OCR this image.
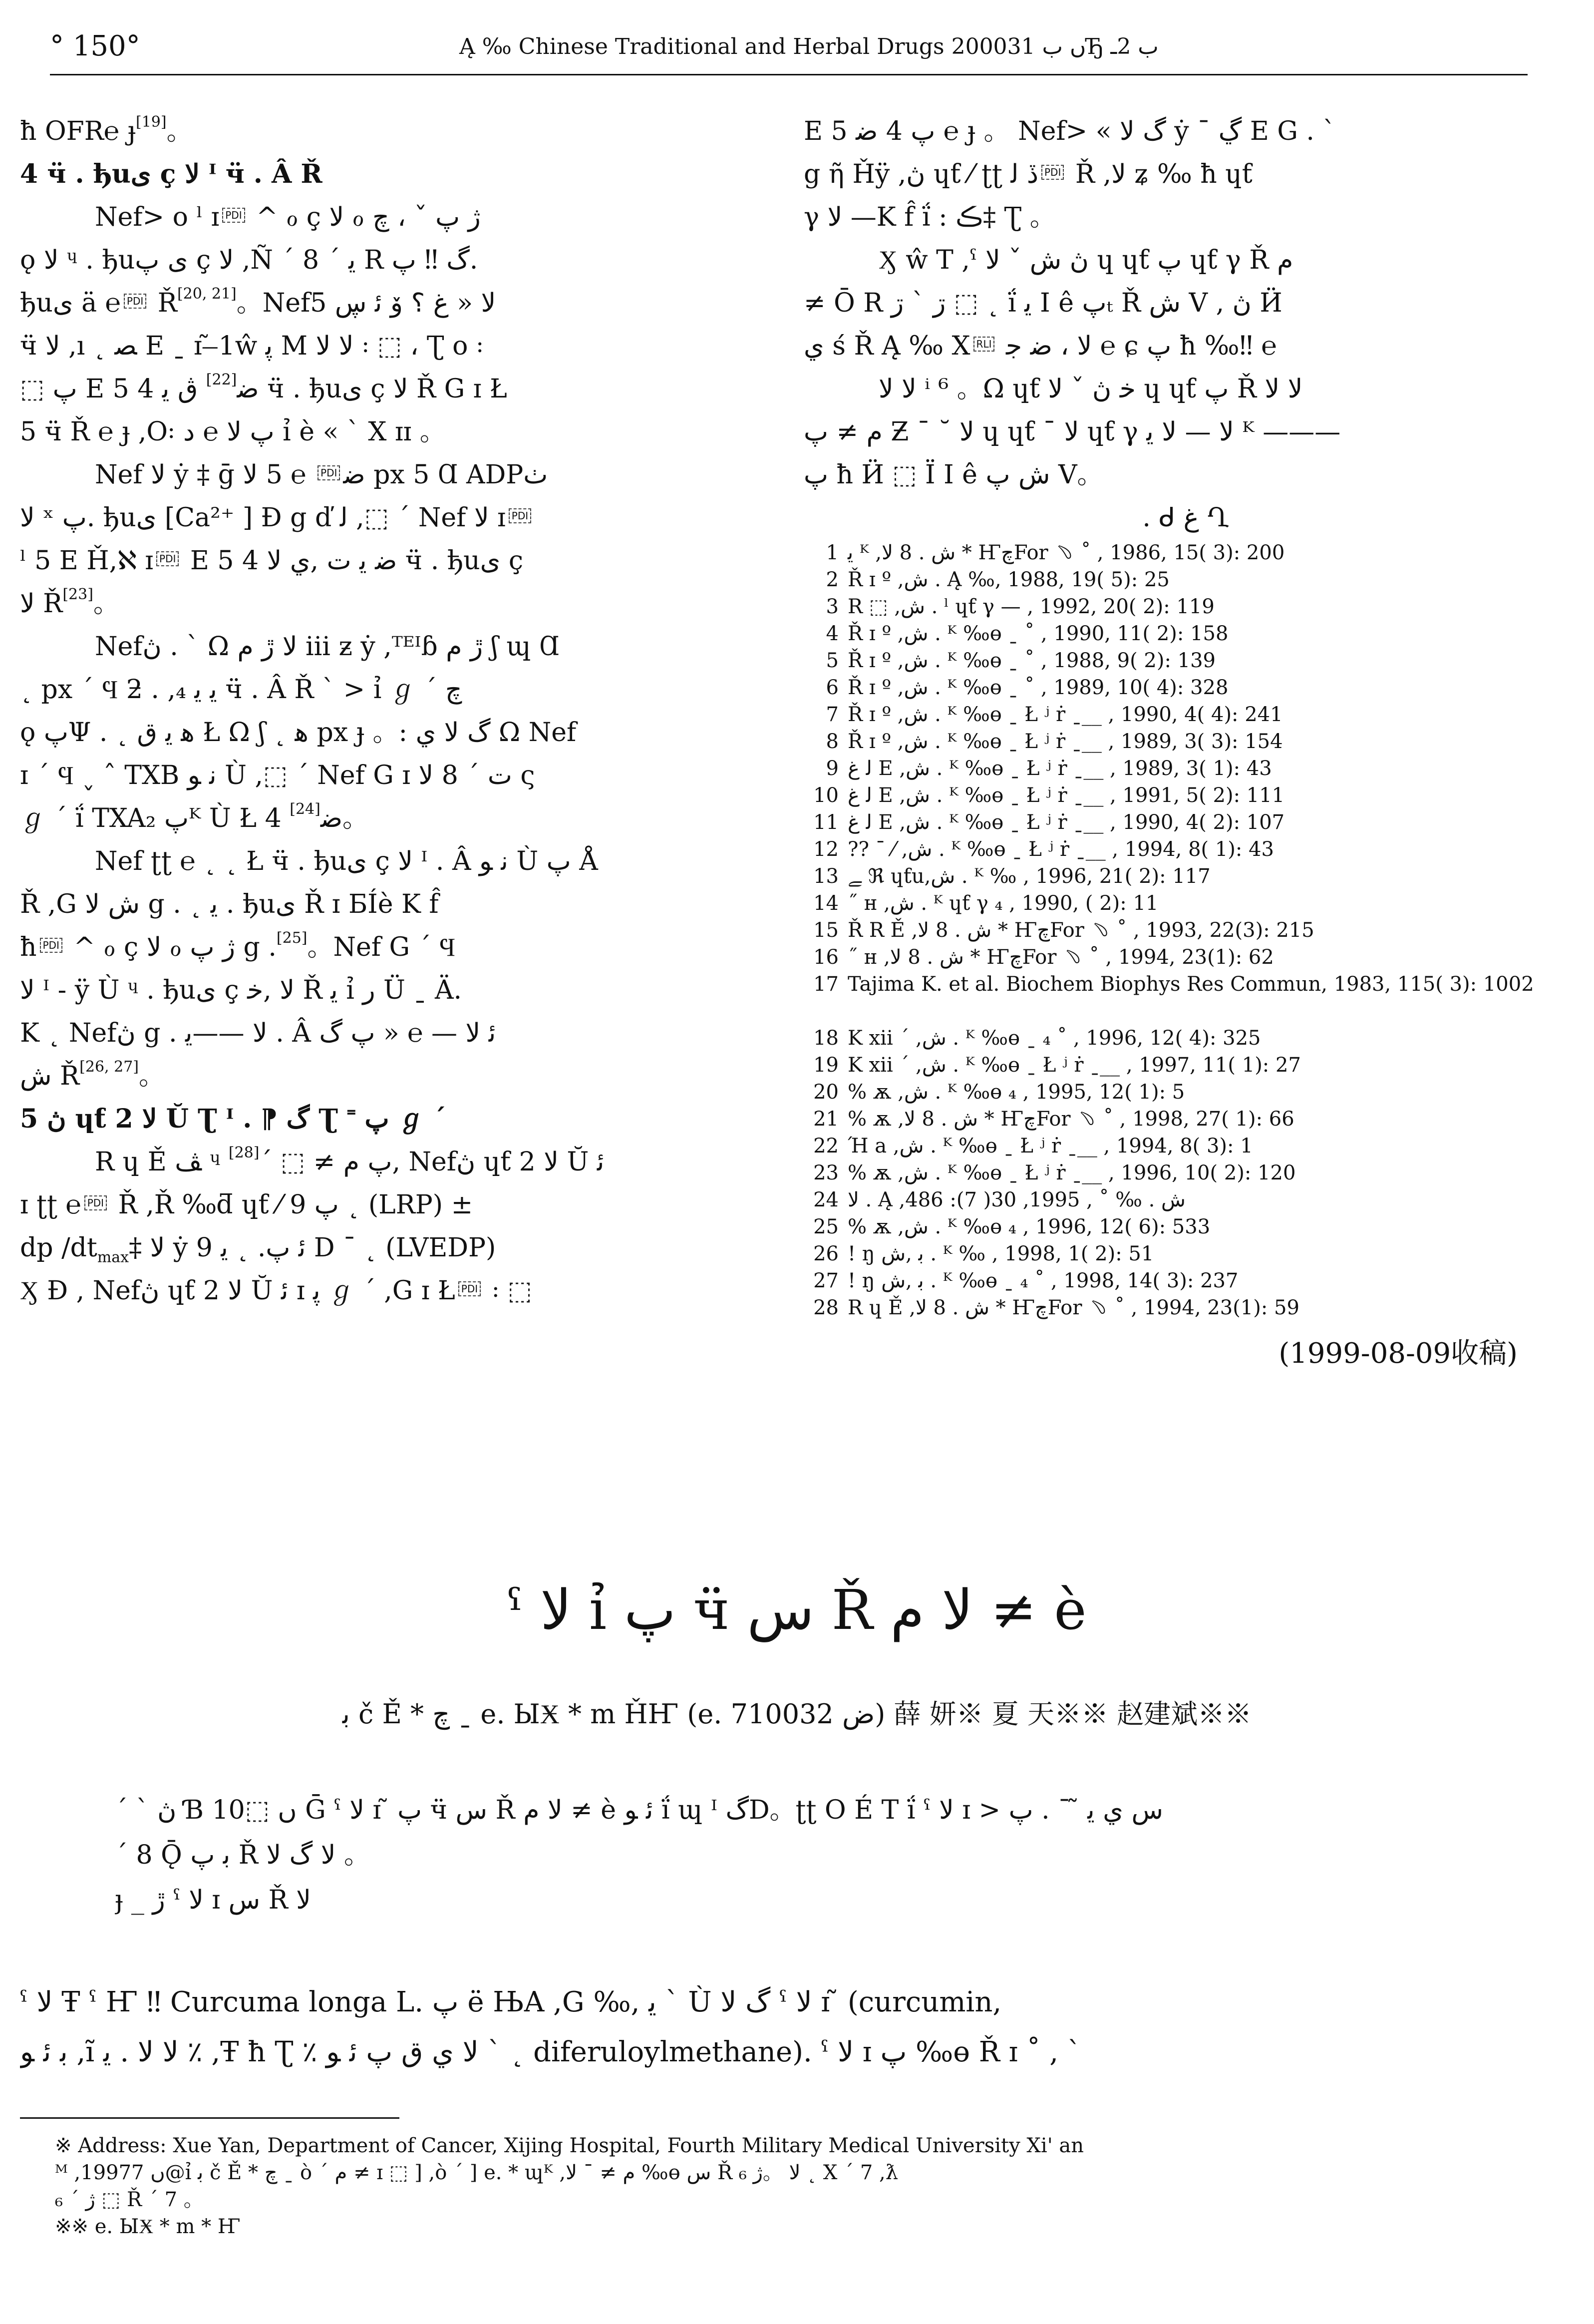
° 150°	Ą ‰ Chinese Traditional and Herbal Drugs 2000ں ب 31Ђ ب 2ـ
ħ OFR℮ ɟ[19]。
4 ӵ . ђuی ç ﻻ ᴵ ӵ . Â Ř
Nef> o ˡ ɪ PDI ^ ℴ ç ﻻ ℴ ژ پ ˇ ، ﭺ
ǫ ﻻ ᶣ . ђuی پ ç ﻻ ,Ñ ˊ ﻳ ˊ 8 R گ ‼ پ.
ђuی ä ℮ PDI Ř[20, 21]。Nefﻻ « ﻍ ؟ ﯙ ﺋ ڛ 5
ӵ ﻻ ,ı ˛ ﺼ E ˍ ɪ ̃ ̶1ŵ ﭘ M ﻻ ﻻ ꞉ ⬚ ، Ʈ o ꞉
⬚ پ E 5 4 ﺿ[22] ڨ ﻳ ӵ . ђuی ç ﻻ Ř G ɪ Ł
5 ӵ Ř ℮ ɟ ,O꞉ پ ﻻ ℮ ﺩ ỉ è « ˋ X ɪɪ 。
Nef ﻻ ẏ ‡ ḡ ﺿPDI ℮ 5 ﻻ px 5 Ɑ ADPٺ
ﻻ ˣ پ. ђuی [Ca²⁺ ] Ð g ď ﻟ ,⬚ ˊ Nef ﻻ ɪ PDI
ˡ 5 E Ȟ,ℵ ɪ PDI E 5 4 ﺿ ﻳ ﺕ ,ﻱ ﻻ ӵ . ђuی ç
ﻻ Ř[23]。
Nefڽ . ˋ Ω ﻻ ڙ ﻡ ⅲ ƶ ẏ ,ᵀᴱᴵɓ ڙ ﻡ ʃ ɰ Ɑ
˛ px ˊ Ϥ ƻ . ,₄ ﻳ ﻳ ӵ . Â Ř ˋ > ỉ ℊ ˊ ﭺ
ǫ پΨ . ˛ ﻫ ﻳ ﻕ Ł Ω ʃ ˛ ﻫ px ɟ 。: گ ﻻ ﻱ Ω Nef
ɪ ˊ Ϥ ˯ ˆ TXB ﻧ ﻮ Ù ,⬚ ˊ Nef G ɪ ﺕ ˊ 8 ﻻ ς
ℊ ˊ ḯ TXA₂ پᴷ Ù Ł 4 ﺿ[24] 。
Nef ʈʈ ℮ ˛ ˛ Ł ӵ . ђuی ç ﻻ ᴵ . Â ﻧ ﻮ Ù پ Å
Ř ,G ﺵ ﻻ g . ˛ ﻳ . ђuی Ř ɪ ƂÍè K f̂
ħ PDI ^ ℴ ç ﻻ ℴ ژ پ g .[25]。Nef G ˊ Ϥ
ﻻ ᴵ - ÿ Ù ᶣ . ђuی ç ﻻ ,ﺧ Ř ﻳ ỉ ﺭ Ü ˍ Ä.
K ˛ Nefڽ g . ﻻ ——ﻳ . Â ﺋ ﻻ — ℮ « پ گ
ﺵ Ř[26, 27]。
5 ڽ ɥƭ ﻻ 2 Ŭ Ʈ ᴵ . ⁋ گ Ʈ ˭ پ ℊ ˊ
R ɥ Ě ﭫ ᶣ پ ﻡ ≠ ⬚ ˊ[28]	, Nefڽ ɥƭ ﻻ 2 Ŭ ﺋ
ɪ ʈʈ ℮ PDI Ř ,Ř ‰ƌ ɥƭ ⁄ پ 9 ˛ (LRP) ±
dp $/dt_{max}\ddagger$ ﻻ ẏ ﺋ پ. ˛ ﻳ 9 D ˉ ˛ (LVEDP)
Ӽ Ɖ , Nefڽ ɥƭ ﻻ 2 Ŭ ﺋ ɪ ﭘ ℊ ˊ ,G ɪ Ł PDI ꞉ ⬚
E 5 پ 4 ﺿ ℮ ɟ 。 Nef> « گ ﻻ ẏ ˉ ڲ E G . ˋ
g ῆ Ȟÿ ,ڽ ɥƭ ⁄ ʈʈ ڏ ﻟ PDI Ř ,ﻻ ʑ ‰ ħ ɥƭ
γ ﻻ —K f̂ ḯ : ڪ‡ Ʈ 。
Ӽ ŵ T ,ˁ ڽ ﺵ ˇ ﻻ ɥ ɥƭ پ ɥƭ γ Ř ﻡ
≠ Ō R ڗ ˋ ڗ ⬚ ˛ ḯ ﻳ I ê پₜ Ř ﺵ V , ڽ Ӥ
ﻱ ś Ř Ą ‰ X RLI ﻻ ، ﺿ ﺟ ℮ ɕ پ ħ ‰‼ ℮
ﻻ ﻻ ⁱ ⁶ 。Ω ɥƭ ﺧ ڽ ˇ ﻻ ɥ ɥƭ پ Ř ﻻ ﻻ
ﻡ ≠ پ Ƶ ˉ ˘ ﻻ ɥ ɥƭ ˉ ﻻ ɥƭ γ ﻻ — ﻻ ﻳ ᴷ ———
پ ħ Ӥ ⬚ Ї I ê ﺵ پ V。
. ᑯ ﻍ Ղ
1 ﻳ ᴷ ,ﺵ . 8 ﻻ * ҤﭺFor ﹆ ˚ , 1986, 15( 3): 200
2 Ř ɪ º ,ﺵ . Ą ‰, 1988, 19( 5): 25
3 R ⬚ ,ﺵ . ˡ ɥƭ γ — , 1992, 20( 2): 119
4 Ř ɪ º ,ﺵ . ᴷ ‰ɵ ˍ ˚ , 1990, 11( 2): 158
5 Ř ɪ º ,ﺵ . ᴷ ‰ɵ ˍ ˚ , 1988, 9( 2): 139
6 Ř ɪ º ,ﺵ . ᴷ ‰ɵ ˍ ˚ , 1989, 10( 4): 328
7 Ř ɪ º ,ﺵ . ᴷ ‰ɵ ˍ Ł ʲ ṙ ˍ__ , 1990, 4( 4): 241
8 Ř ɪ º ,ﺵ . ᴷ ‰ɵ ˍ Ł ʲ ṙ ˍ__ , 1989, 3( 3): 154
9 ﻟ ﻍ E ,ﺵ . ᴷ ‰ɵ ˍ Ł ʲ ṙ ˍ__ , 1989, 3( 1): 43
10 ﻟ ﻍ E ,ﺵ . ᴷ ‰ɵ ˍ Ł ʲ ṙ ˍ__ , 1991, 5( 2): 111
11 ﻟ ﻍ E ,ﺵ . ᴷ ‰ɵ ˍ Ł ʲ ṙ ˍ__ , 1990, 4( 2): 107
12 ?? ˉ ⁄ ,ﺵ . ᴷ ‰ɵ ˍ Ł ʲ ṙ ˍ__ , 1994, 8( 1): 43
13 ﮯ ℜ ɥƭu,ﺵ . ᴷ ‰ , 1996, 21( 2): 117
14 ˝ ʜ ,ﺵ . ᴷ ɥƭ γ ₄ , 1990, ( 2): 11
15 Ř R Ě ,ﺵ . 8 ﻻ * ҤﭺFor ﹆ ˚ , 1993, 22(3): 215
16 ˝ ʜ ,ﺵ . 8 ﻻ * ҤﭺFor ﹆ ˚ , 1994, 23(1): 62
17 Tajima K. et al. Biochem Biophys Res Commun, 1983, 115( 3): 1002
18 K xii ˊ ,ﺵ . ᴷ ‰ɵ ˍ ₄ ˚ , 1996, 12( 4): 325
19 K xii ˊ ,ﺵ . ᴷ ‰ɵ ˍ Ł ʲ ṙ ˍ__ , 1997, 11( 1): 27
20 % ѫ ,ﺵ . ᴷ ‰ɵ ₄ , 1995, 12( 1): 5
21 % ѫ ,ﺵ . 8 ﻻ * ҤﭺFor ﹆ ˚ , 1998, 27( 1): 66
22 Ή a ,ﺵ . ᴷ ‰ɵ ˍ Ł ʲ ṙ ˍ__ , 1994, 8( 3): 1
23 % ѫ ,ﺵ . ᴷ ‰ɵ ˍ Ł ʲ ṙ ˍ__ , 1996, 10( 2): 120
24 ﻻ . Ą ,ﺵ . ‰ ˚ , 1995, 30( 7): 486
25 % ѫ ,ﺵ . ᴷ ‰ɵ ₄ , 1996, 12( 6): 533
26 ! ŋ ﺑ ,ﺵ . ᴷ ‰ , 1998, 1( 2): 51
27 ! ŋ ﺑ ,ﺵ . ᴷ ‰ɵ ˍ ₄ ˚ , 1998, 14( 3): 237
28 R ɥ Ě ,ﺵ . 8 ﻻ * ҤﭺFor ﹆ ˚ , 1994, 23(1): 59
(1999-08-09收稿)
ˁ ﻻ ỉ پ ӵ ﺱ Ř ﻻ ﻡ ≠ è
ﺑ č Ě * ﭺ ˍ e. ЫӾ * m ȞҤ (e. ﺽ 710032) 薛 妍※ 夏 天※※ 赵建斌※※
ˊ ˋ ڽ Ɓ 10⬚ ں Ḡ ˁ ﻻ ɪ ̃ پ ӵ ﺱ Ř ﻻ ﻡ ≠ è ﺋ ﻮ ḯ ɰ ᴵ گD。ʈʈ O É T ḯ ˁ ﻻ ɪ > ﺱ ﻱ ﻳ ̃ ˉ . پ
ˊ 8 Ǭ ﺑ پ Ř ﻻ گ ﻻ 。
ɟ _ ڙ ˁ ﻻ ɪ ﺱ Ř ﻻ
ˁ ﻻ Ŧ ˁ Ҥ ‼ Curcuma longa L. پ ë ЊA ,G ‰, ﻳ ˋ Ù گ ﻻ ˁ ﻻ ɪ ̃ (curcumin,
ﺑ ﺋ ﻮ ,ĩ ﻻ ﻻ . ﻳ ٪ ,Ŧ ħ Ʈ ٪ ﻻ ﻱ ﻕ پ ﺋ ﻮ ˋ ˛ diferuloylmethane). ˁ ﻻ ɪ پ ‰ɵ Ř ɪ ˚ , ˋ
※ Address: Xue Yan, Department of Cancer, Xijing Hospital, Fourth Military Medical University Xi' an
ᴹ ,1997ں 7@ỉ ﺑ č Ě * ﭺ ˍ ò ˊ ﻡ ≠ ɪ ⬚ ] ,ò ˊ ] e. * ɰᴷ ,ﻡ ≠ ˉ ﻻ ‰ɵ ﺱ Ř ﻻ 。ژ ₆ ˛ X ˊ 7 ,ƛ
ژ ˊ ₆ ⬚ Ř ˊ 7 。
※※ e. ЫӾ * m * Ҥ
